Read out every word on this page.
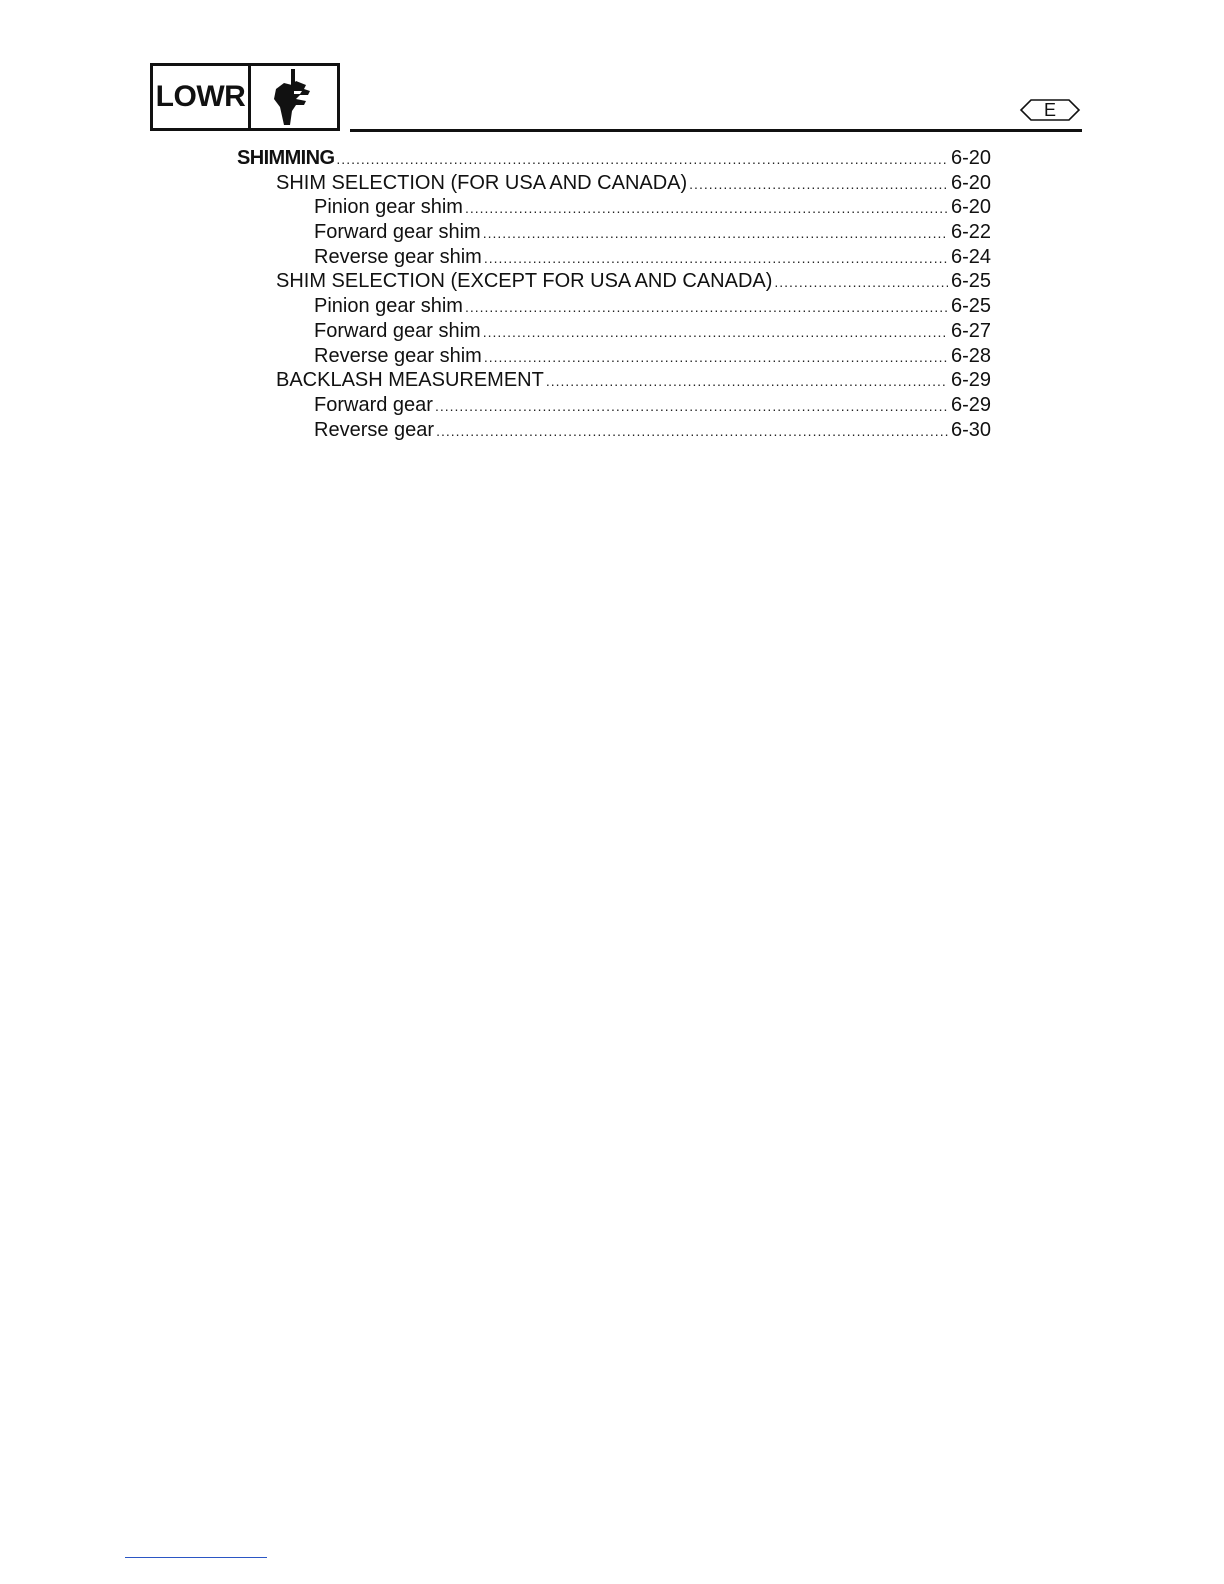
LOWR	E
SHIMMING .....	6-20
SHIM SELECTION (FOR USA AND CANADA) .....	6-20
Pinion gear shim .....	6-20
Forward gear shim .....	6-22
Reverse gear shim .....	6-24
SHIM SELECTION (EXCEPT FOR USA AND CANADA) .....	6-25
Pinion gear shim .....	6-25
Forward gear shim .....	6-27
Reverse gear shim .....	6-28
BACKLASH MEASUREMENT .....	6-29
Forward gear .....	6-29
Reverse gear .....	6-30
